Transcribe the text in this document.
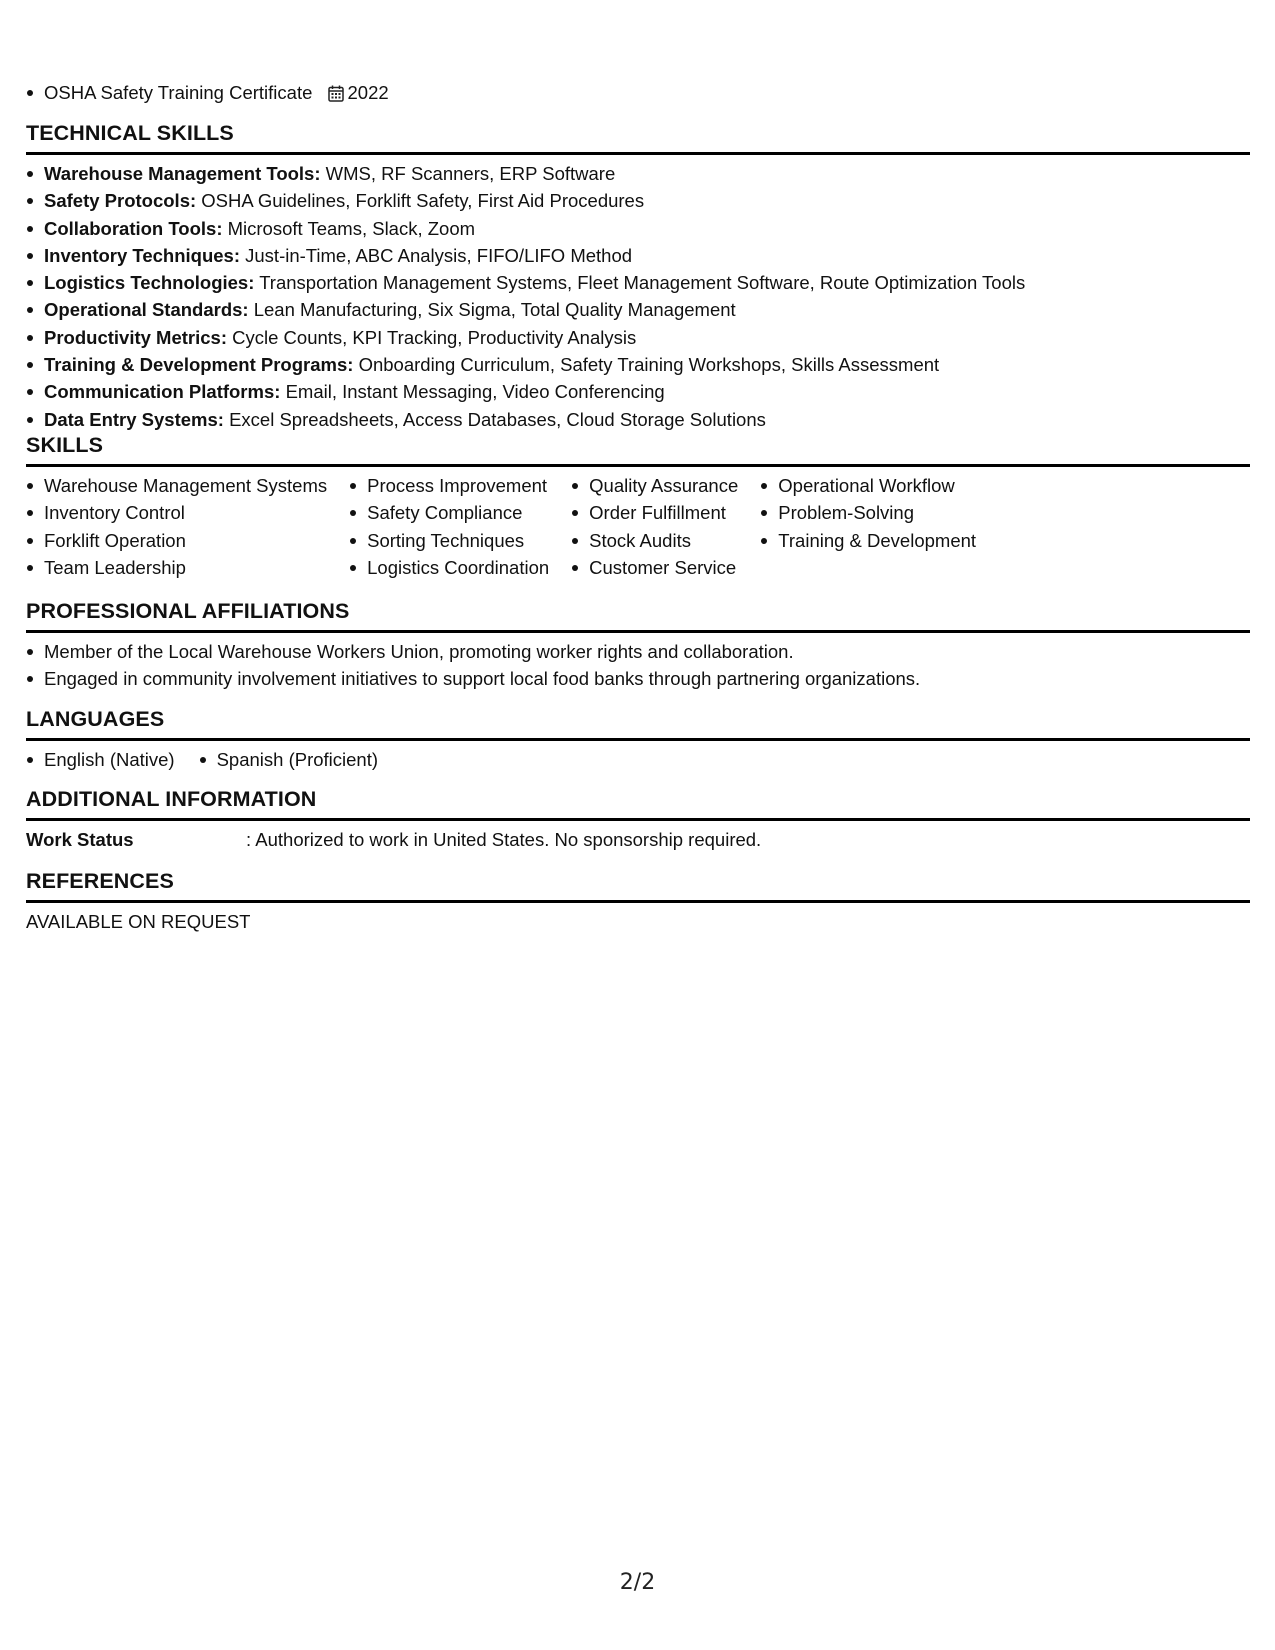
OSHA Safety Training Certificate 2022
TECHNICAL SKILLS
Warehouse Management Tools: WMS, RF Scanners, ERP Software
Safety Protocols: OSHA Guidelines, Forklift Safety, First Aid Procedures
Collaboration Tools: Microsoft Teams, Slack, Zoom
Inventory Techniques: Just-in-Time, ABC Analysis, FIFO/LIFO Method
Logistics Technologies: Transportation Management Systems, Fleet Management Software, Route Optimization Tools
Operational Standards: Lean Manufacturing, Six Sigma, Total Quality Management
Productivity Metrics: Cycle Counts, KPI Tracking, Productivity Analysis
Training & Development Programs: Onboarding Curriculum, Safety Training Workshops, Skills Assessment
Communication Platforms: Email, Instant Messaging, Video Conferencing
Data Entry Systems: Excel Spreadsheets, Access Databases, Cloud Storage Solutions
SKILLS
Warehouse Management Systems
Inventory Control
Forklift Operation
Team Leadership
Process Improvement
Safety Compliance
Sorting Techniques
Logistics Coordination
Quality Assurance
Order Fulfillment
Stock Audits
Customer Service
Operational Workflow
Problem-Solving
Training & Development
PROFESSIONAL AFFILIATIONS
Member of the Local Warehouse Workers Union, promoting worker rights and collaboration.
Engaged in community involvement initiatives to support local food banks through partnering organizations.
LANGUAGES
English (Native)	Spanish (Proficient)
ADDITIONAL INFORMATION
Work Status	: Authorized to work in United States. No sponsorship required.
REFERENCES
AVAILABLE ON REQUEST
2/2
